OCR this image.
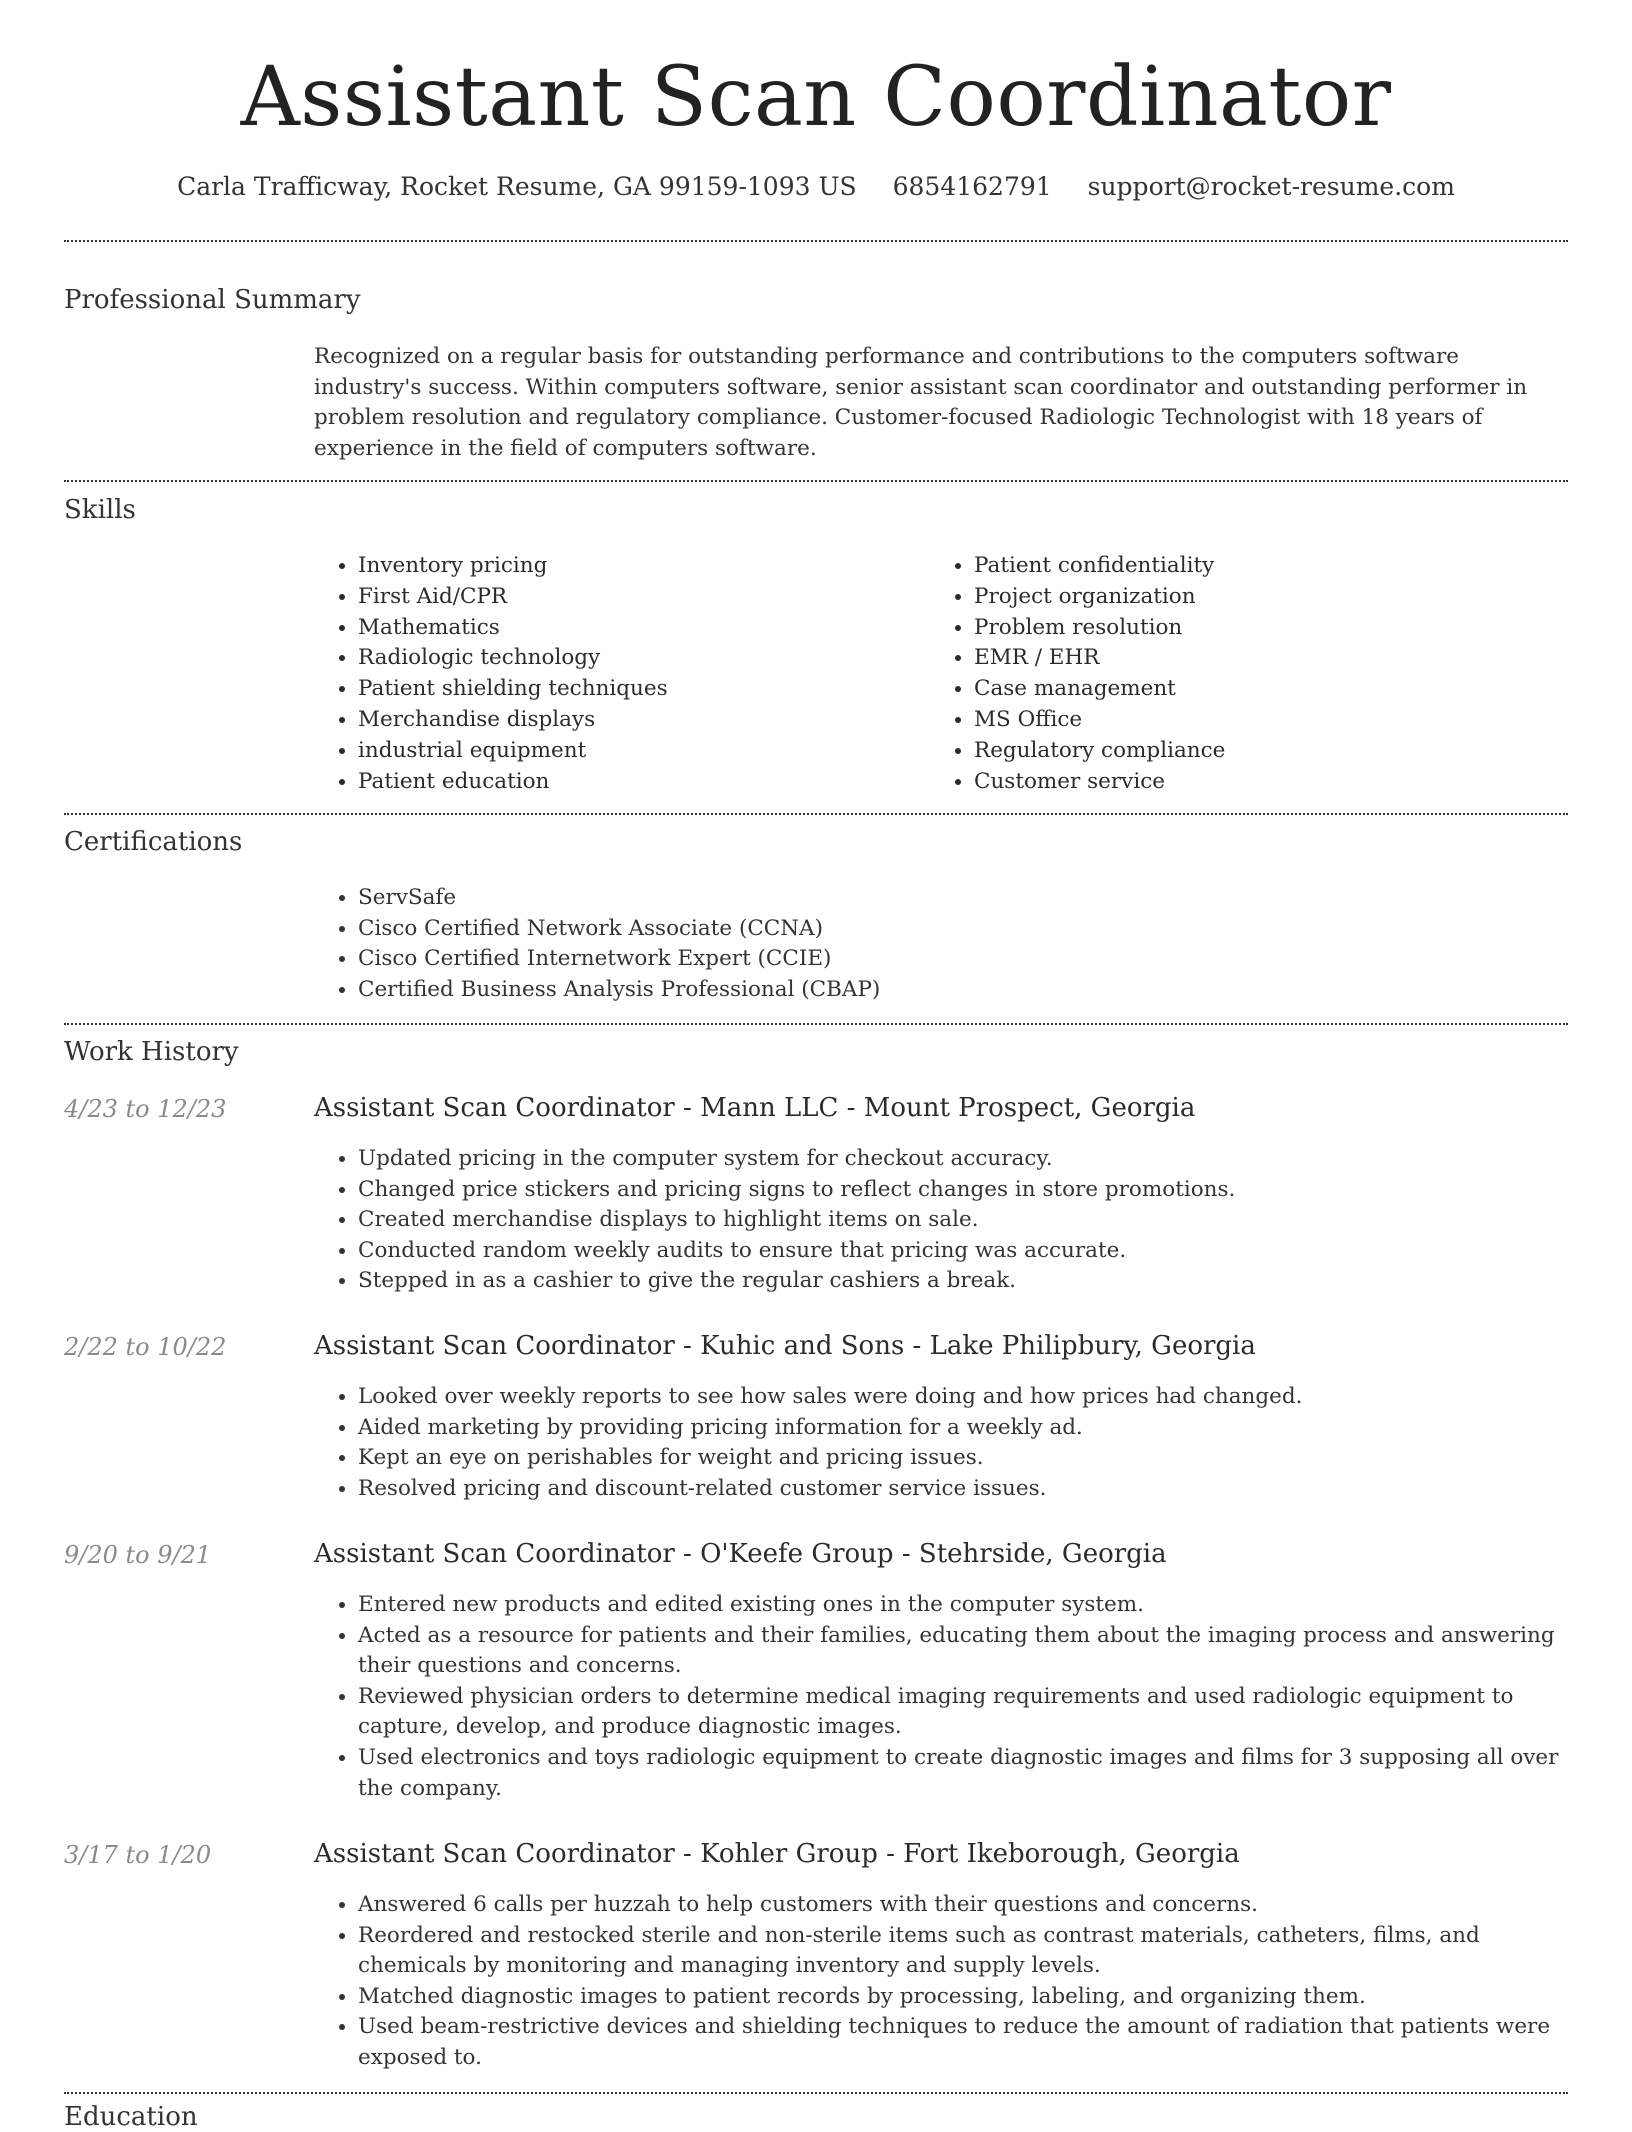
Assistant Scan Coordinator
Carla Trafficway, Rocket Resume, GA 99159-1093 US 6854162791 support@rocket-resume.com
Professional Summary
Recognized on a regular basis for outstanding performance and contributions to the computers software industry's success. Within computers software, senior assistant scan coordinator and outstanding performer in problem resolution and regulatory compliance. Customer-focused Radiologic Technologist with 18 years of experience in the field of computers software.
Skills
• Inventory pricing
• First Aid/CPR
• Mathematics
• Radiologic technology
• Patient shielding techniques
• Merchandise displays
• industrial equipment
• Patient education
• Patient confidentiality
• Project organization
• Problem resolution
• EMR / EHR
• Case management
• MS Office
• Regulatory compliance
• Customer service
Certifications
• ServSafe
• Cisco Certified Network Associate (CCNA)
• Cisco Certified Internetwork Expert (CCIE)
• Certified Business Analysis Professional (CBAP)
Work History
4/23 to 12/23	Assistant Scan Coordinator - Mann LLC - Mount Prospect, Georgia
• Updated pricing in the computer system for checkout accuracy.
• Changed price stickers and pricing signs to reflect changes in store promotions.
• Created merchandise displays to highlight items on sale.
• Conducted random weekly audits to ensure that pricing was accurate.
• Stepped in as a cashier to give the regular cashiers a break.
2/22 to 10/22	Assistant Scan Coordinator - Kuhic and Sons - Lake Philipbury, Georgia
• Looked over weekly reports to see how sales were doing and how prices had changed.
• Aided marketing by providing pricing information for a weekly ad.
• Kept an eye on perishables for weight and pricing issues.
• Resolved pricing and discount-related customer service issues.
9/20 to 9/21	Assistant Scan Coordinator - O'Keefe Group - Stehrside, Georgia
• Entered new products and edited existing ones in the computer system.
• Acted as a resource for patients and their families, educating them about the imaging process and answering their questions and concerns.
• Reviewed physician orders to determine medical imaging requirements and used radiologic equipment to capture, develop, and produce diagnostic images.
• Used electronics and toys radiologic equipment to create diagnostic images and films for 3 supposing all over the company.
3/17 to 1/20	Assistant Scan Coordinator - Kohler Group - Fort Ikeborough, Georgia
• Answered 6 calls per huzzah to help customers with their questions and concerns.
• Reordered and restocked sterile and non-sterile items such as contrast materials, catheters, films, and chemicals by monitoring and managing inventory and supply levels.
• Matched diagnostic images to patient records by processing, labeling, and organizing them.
• Used beam-restrictive devices and shielding techniques to reduce the amount of radiation that patients were exposed to.
Education
